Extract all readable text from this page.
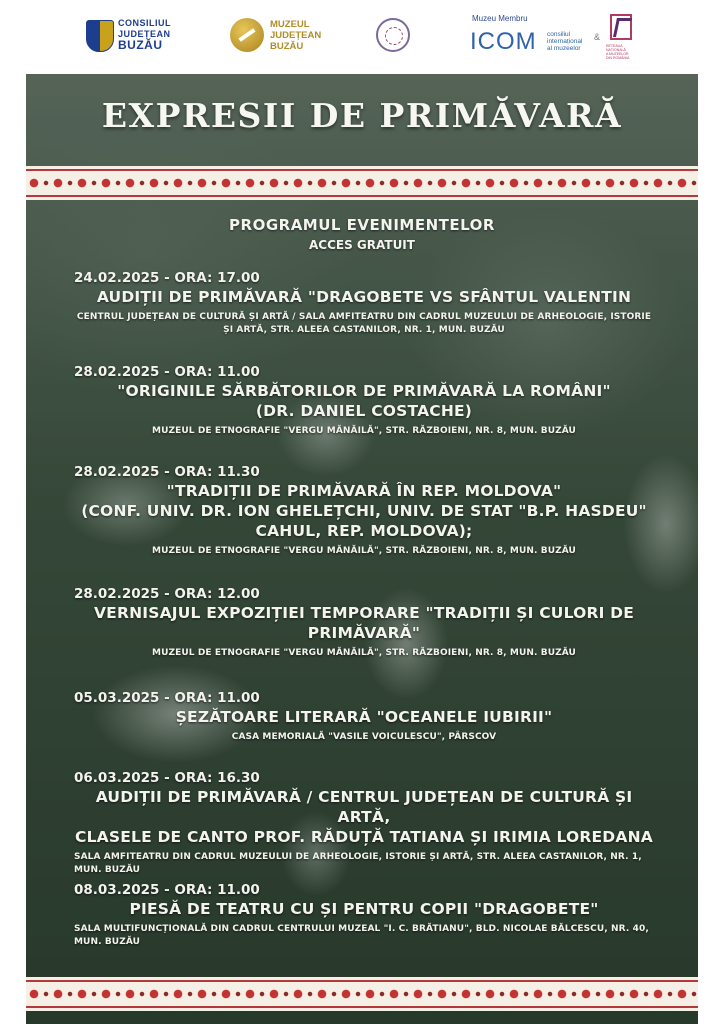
CONSILIUL
JUDEȚEAN
BUZĂU
MUZEUL
JUDEȚEAN
BUZĂU
Muzeu Membru
ICOM consiliul
internațional
al muzeelor
&
REȚEAUA
NAȚIONALĂ
A MUZEELOR
DIN ROMÂNIA
EXPRESII DE PRIMĂVARĂ
PROGRAMUL EVENIMENTELOR
ACCES GRATUIT
24.02.2025 - ORA: 17.00
AUDIȚII DE PRIMĂVARĂ "DRAGOBETE VS SFÂNTUL VALENTIN
CENTRUL JUDEȚEAN DE CULTURĂ ȘI ARTĂ / SALA AMFITEATRU DIN CADRUL MUZEULUI DE ARHEOLOGIE, ISTORIE ȘI ARTĂ, STR. ALEEA CASTANILOR, NR. 1, MUN. BUZĂU
28.02.2025 - ORA: 11.00
"ORIGINILE SĂRBĂTORILOR DE PRIMĂVARĂ LA ROMÂNI"
(DR. DANIEL COSTACHE)
MUZEUL DE ETNOGRAFIE "VERGU MĂNĂILĂ", STR. RĂZBOIENI, NR. 8, MUN. BUZĂU
28.02.2025 - ORA: 11.30
"TRADIȚII DE PRIMĂVARĂ ÎN REP. MOLDOVA"
(CONF. UNIV. DR. ION GHELEȚCHI, UNIV. DE STAT "B.P. HASDEU"
CAHUL, REP. MOLDOVA);
MUZEUL DE ETNOGRAFIE "VERGU MĂNĂILĂ", STR. RĂZBOIENI, NR. 8, MUN. BUZĂU
28.02.2025 - ORA: 12.00
VERNISAJUL EXPOZIȚIEI TEMPORARE "TRADIȚII ȘI CULORI DE
PRIMĂVARĂ"
MUZEUL DE ETNOGRAFIE "VERGU MĂNĂILĂ", STR. RĂZBOIENI, NR. 8, MUN. BUZĂU
05.03.2025 - ORA: 11.00
ȘEZĂTOARE LITERARĂ "OCEANELE IUBIRII"
CASA MEMORIALĂ "VASILE VOICULESCU", PÂRSCOV
06.03.2025 - ORA: 16.30
AUDIȚII DE PRIMĂVARĂ / CENTRUL JUDEȚEAN DE CULTURĂ ȘI ARTĂ,
CLASELE DE CANTO PROF. RĂDUȚĂ TATIANA ȘI IRIMIA LOREDANA
SALA AMFITEATRU DIN CADRUL MUZEULUI DE ARHEOLOGIE, ISTORIE ȘI ARTĂ, STR. ALEEA CASTANILOR, NR. 1, MUN. BUZĂU
08.03.2025 - ORA: 11.00
PIESĂ DE TEATRU CU ȘI PENTRU COPII "DRAGOBETE"
SALA MULTIFUNCȚIONALĂ DIN CADRUL CENTRULUI MUZEAL "I. C. BRĂTIANU", BLD. NICOLAE BĂLCESCU, NR. 40, MUN. BUZĂU
